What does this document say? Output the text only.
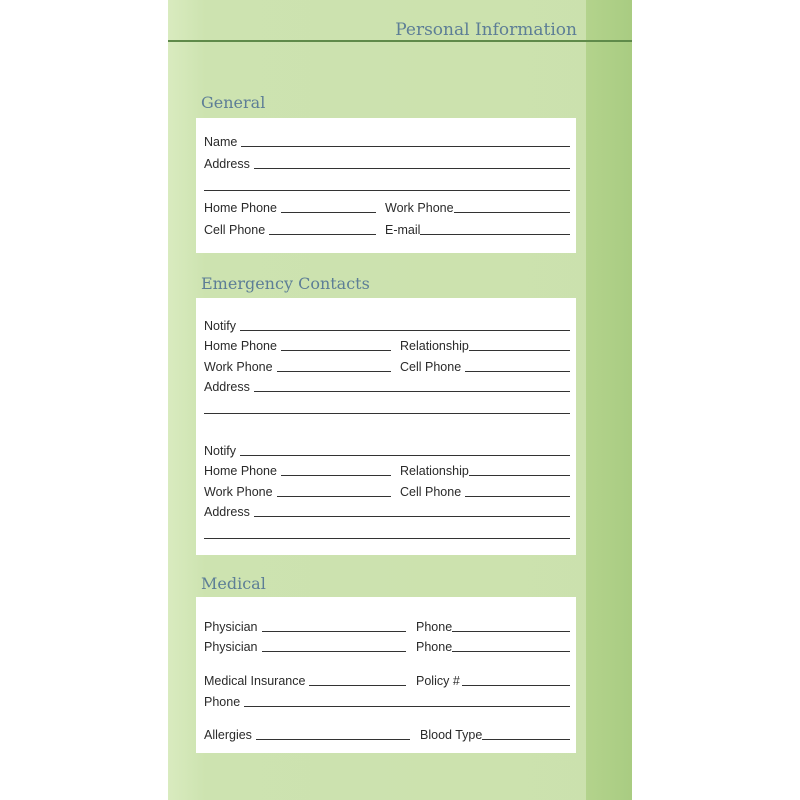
Personal Information
General
Name
Address
Home Phone	Work Phone
Cell Phone	E-mail
Emergency Contacts
Notify
Home Phone	Relationship
Work Phone	Cell Phone
Address
Notify
Home Phone	Relationship
Work Phone	Cell Phone
Address
Medical
Physician	Phone
Physician	Phone
Medical Insurance	Policy #
Phone
Allergies	Blood Type
